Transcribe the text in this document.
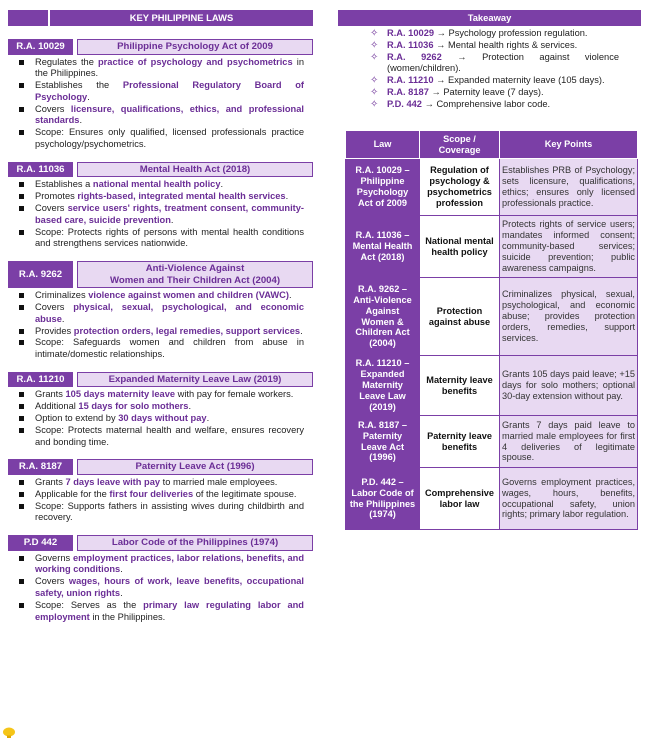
KEY PHILIPPINE LAWS
R.A. 10029	Philippine Psychology Act of 2009
Regulates the practice of psychology and psychometrics in the Philippines.
Establishes the Professional Regulatory Board of Psychology.
Covers licensure, qualifications, ethics, and professional standards.
Scope: Ensures only qualified, licensed professionals practice psychology/psychometrics.
R.A. 11036	Mental Health Act (2018)
Establishes a national mental health policy.
Promotes rights-based, integrated mental health services.
Covers service users' rights, treatment consent, community-based care, suicide prevention.
Scope: Protects rights of persons with mental health conditions and strengthens services nationwide.
R.A. 9262	Anti-Violence Against
Women and Their Children Act (2004)
Criminalizes violence against women and children (VAWC).
Covers physical, sexual, psychological, and economic abuse.
Provides protection orders, legal remedies, support services.
Scope: Safeguards women and children from abuse in intimate/domestic relationships.
R.A. 11210	Expanded Maternity Leave Law (2019)
Grants 105 days maternity leave with pay for female workers.
Additional 15 days for solo mothers.
Option to extend by 30 days without pay.
Scope: Protects maternal health and welfare, ensures recovery and bonding time.
R.A. 8187	Paternity Leave Act (1996)
Grants 7 days leave with pay to married male employees.
Applicable for the first four deliveries of the legitimate spouse.
Scope: Supports fathers in assisting wives during childbirth and recovery.
P.D 442	Labor Code of the Philippines (1974)
Governs employment practices, labor relations, benefits, and working conditions.
Covers wages, hours of work, leave benefits, occupational safety, union rights.
Scope: Serves as the primary law regulating labor and employment in the Philippines.
Takeaway
✧ R.A. 10029 → Psychology profession regulation.
✧ R.A. 11036 → Mental health rights & services.
✧ R.A. 9262 → Protection against violence (women/children).
✧ R.A. 11210 → Expanded maternity leave (105 days).
✧ R.A. 8187 → Paternity leave (7 days).
✧ P.D. 442 → Comprehensive labor code.
Law	Scope / Coverage	Key Points
R.A. 10029 – Philippine Psychology Act of 2009	Regulation of psychology & psychometrics profession	Establishes PRB of Psychology; sets licensure, qualifications, ethics; ensures only licensed professionals practice.
R.A. 11036 – Mental Health Act (2018)	National mental health policy	Protects rights of service users; mandates informed consent; community-based services; suicide prevention; public awareness campaigns.
R.A. 9262 – Anti-Violence Against Women & Children Act (2004)	Protection against abuse	Criminalizes physical, sexual, psychological, and economic abuse; provides protection orders, remedies, support services.
R.A. 11210 – Expanded Maternity Leave Law (2019)	Maternity leave benefits	Grants 105 days paid leave; +15 days for solo mothers; optional 30-day extension without pay.
R.A. 8187 – Paternity Leave Act (1996)	Paternity leave benefits	Grants 7 days paid leave to married male employees for first 4 deliveries of legitimate spouse.
P.D. 442 – Labor Code of the Philippines (1974)	Comprehensive labor law	Governs employment practices, wages, hours, benefits, occupational safety, union rights; primary labor regulation.
